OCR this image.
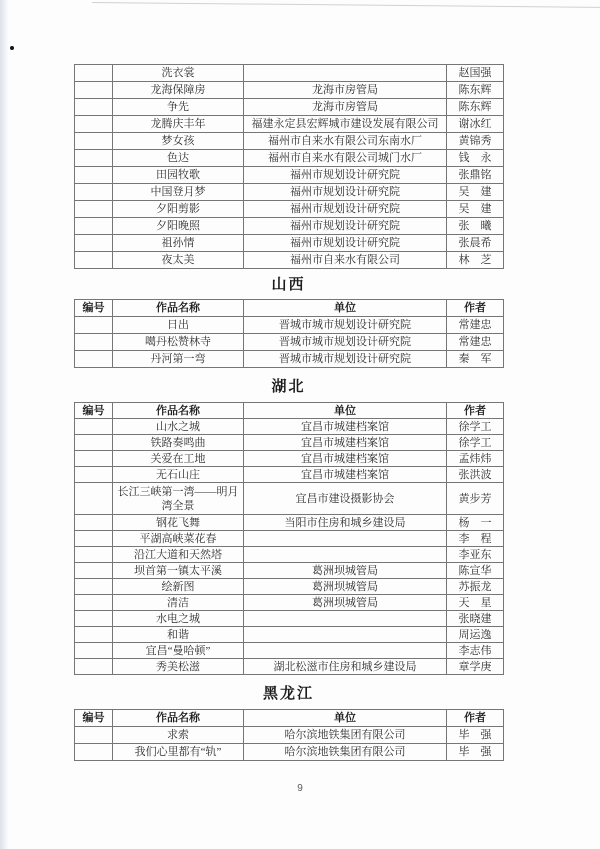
	洗衣裳		赵国强
	龙海保障房	龙海市房管局	陈东辉
	争先	龙海市房管局	陈东辉
	龙腾庆丰年	福建永定县宏辉城市建设发展有限公司	谢冰红
	梦女孩	福州市自来水有限公司东南水厂	黄锦秀
	色达	福州市自来水有限公司城门水厂	钱　永
	田园牧歌	福州市规划设计研究院	张鼎铭
	中国登月梦	福州市规划设计研究院	吴　建
	夕阳剪影	福州市规划设计研究院	吴　建
	夕阳晚照	福州市规划设计研究院	张　曦
	祖孙情	福州市规划设计研究院	张晨希
	夜太美	福州市自来水有限公司	林　芝
山西
编号	作品名称	单位	作者
	日出	晋城市城市规划设计研究院	常建忠
	噶丹松赞林寺	晋城市城市规划设计研究院	常建忠
	丹河第一弯	晋城市城市规划设计研究院	秦　军
湖北
编号	作品名称	单位	作者
	山水之城	宜昌市城建档案馆	徐学工
	铁路奏鸣曲	宜昌市城建档案馆	徐学工
	关爱在工地	宜昌市城建档案馆	孟炜炜
	无石山庄	宜昌市城建档案馆	张洪波
	长江三峡第一湾——明月湾全景	宜昌市建设摄影协会	黄步芳
	钢花飞舞	当阳市住房和城乡建设局	杨　一
	平湖高峡菜花春		李　程
	沿江大道和天然塔		李亚东
	坝首第一镇太平溪	葛洲坝城管局	陈宣华
	绘新图	葛洲坝城管局	苏振龙
	清洁	葛洲坝城管局	天　星
	水电之城		张晓建
	和谐		周运逸
	宜昌“曼哈顿”		李志伟
	秀美松滋	湖北松滋市住房和城乡建设局	章学庚
黑龙江
编号	作品名称	单位	作者
	求索	哈尔滨地铁集团有限公司	毕　强
	我们心里都有“轨”	哈尔滨地铁集团有限公司	毕　强
9
